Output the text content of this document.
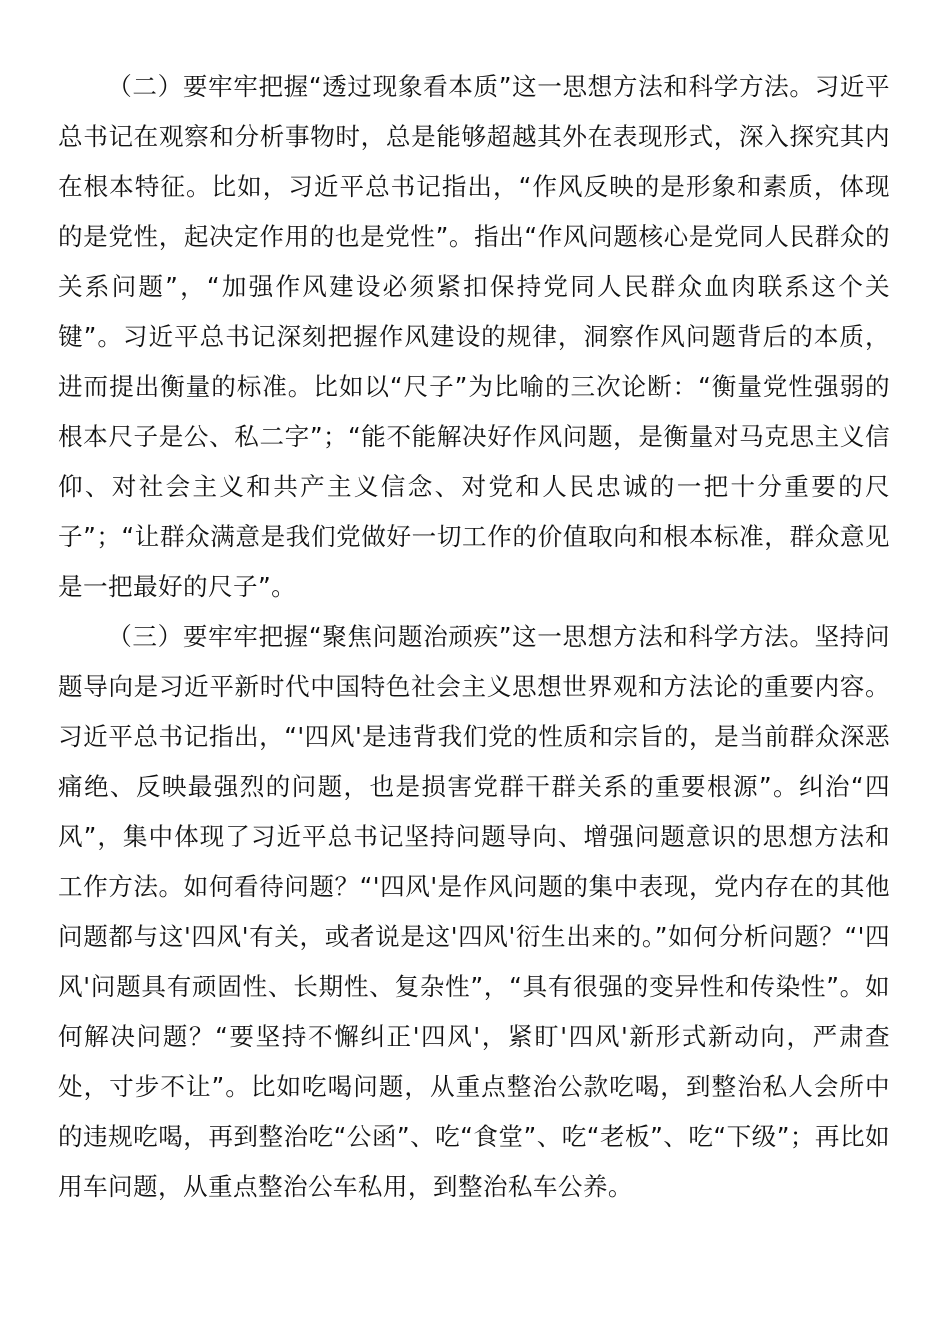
（二）要牢牢把握“透过现象看本质”这一思想方法和科学方法。习近平总书记在观察和分析事物时，总是能够超越其外在表现形式，深入探究其内在根本特征。比如，习近平总书记指出，“作风反映的是形象和素质，体现的是党性，起决定作用的也是党性”。指出“作风问题核心是党同人民群众的关系问题”，“加强作风建设必须紧扣保持党同人民群众血肉联系这个关键”。习近平总书记深刻把握作风建设的规律，洞察作风问题背后的本质，进而提出衡量的标准。比如以“尺子”为比喻的三次论断：“衡量党性强弱的根本尺子是公、私二字”；“能不能解决好作风问题，是衡量对马克思主义信仰、对社会主义和共产主义信念、对党和人民忠诚的一把十分重要的尺子”；“让群众满意是我们党做好一切工作的价值取向和根本标准，群众意见是一把最好的尺子”。

（三）要牢牢把握“聚焦问题治顽疾”这一思想方法和科学方法。坚持问题导向是习近平新时代中国特色社会主义思想世界观和方法论的重要内容。习近平总书记指出，“'四风'是违背我们党的性质和宗旨的，是当前群众深恶痛绝、反映最强烈的问题，也是损害党群干群关系的重要根源”。纠治“四风”，集中体现了习近平总书记坚持问题导向、增强问题意识的思想方法和工作方法。如何看待问题？“'四风'是作风问题的集中表现，党内存在的其他问题都与这'四风'有关，或者说是这'四风'衍生出来的。”如何分析问题？“'四风'问题具有顽固性、长期性、复杂性”，“具有很强的变异性和传染性”。如何解决问题？“要坚持不懈纠正'四风'，紧盯'四风'新形式新动向，严肃查处，寸步不让”。比如吃喝问题，从重点整治公款吃喝，到整治私人会所中的违规吃喝，再到整治吃“公函”、吃“食堂”、吃“老板”、吃“下级”；再比如用车问题，从重点整治公车私用，到整治私车公养。
